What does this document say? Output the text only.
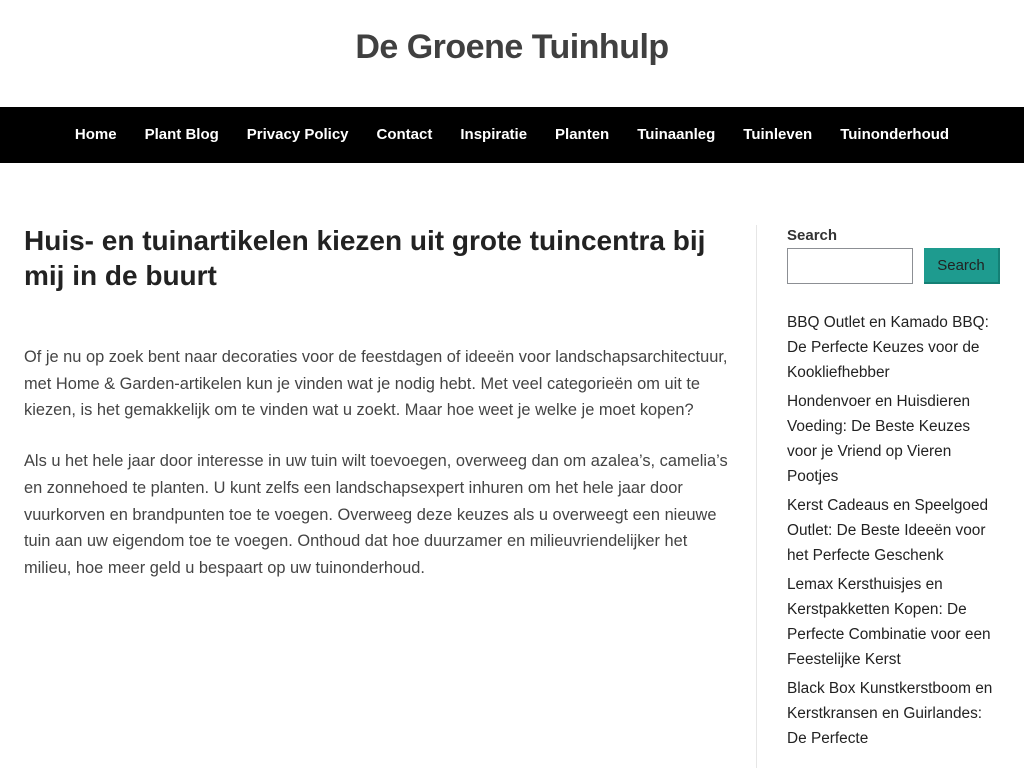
De Groene Tuinhulp
Home Plant Blog Privacy Policy Contact Inspiratie Planten Tuinaanleg Tuinleven Tuinonderhoud
Huis- en tuinartikelen kiezen uit grote tuincentra bij mij in de buurt

Of je nu op zoek bent naar decoraties voor de feestdagen of ideeën voor landschapsarchitectuur, met Home & Garden-artikelen kun je vinden wat je nodig hebt. Met veel categorieën om uit te kiezen, is het gemakkelijk om te vinden wat u zoekt. Maar hoe weet je welke je moet kopen?

Als u het hele jaar door interesse in uw tuin wilt toevoegen, overweeg dan om azalea’s, camelia’s en zonnehoed te planten. U kunt zelfs een landschapsexpert inhuren om het hele jaar door vuurkorven en brandpunten toe te voegen. Overweeg deze keuzes als u overweegt een nieuwe tuin aan uw eigendom toe te voegen. Onthoud dat hoe duurzamer en milieuvriendelijker het milieu, hoe meer geld u bespaart op uw tuinonderhoud.

Search
Search
BBQ Outlet en Kamado BBQ: De Perfecte Keuzes voor de Kookliefhebber
Hondenvoer en Huisdieren Voeding: De Beste Keuzes voor je Vriend op Vieren Pootjes
Kerst Cadeaus en Speelgoed Outlet: De Beste Ideeën voor het Perfecte Geschenk
Lemax Kersthuisjes en Kerstpakketten Kopen: De Perfecte Combinatie voor een Feestelijke Kerst
Black Box Kunstkerstboom en Kerstkransen en Guirlandes: De Perfecte
